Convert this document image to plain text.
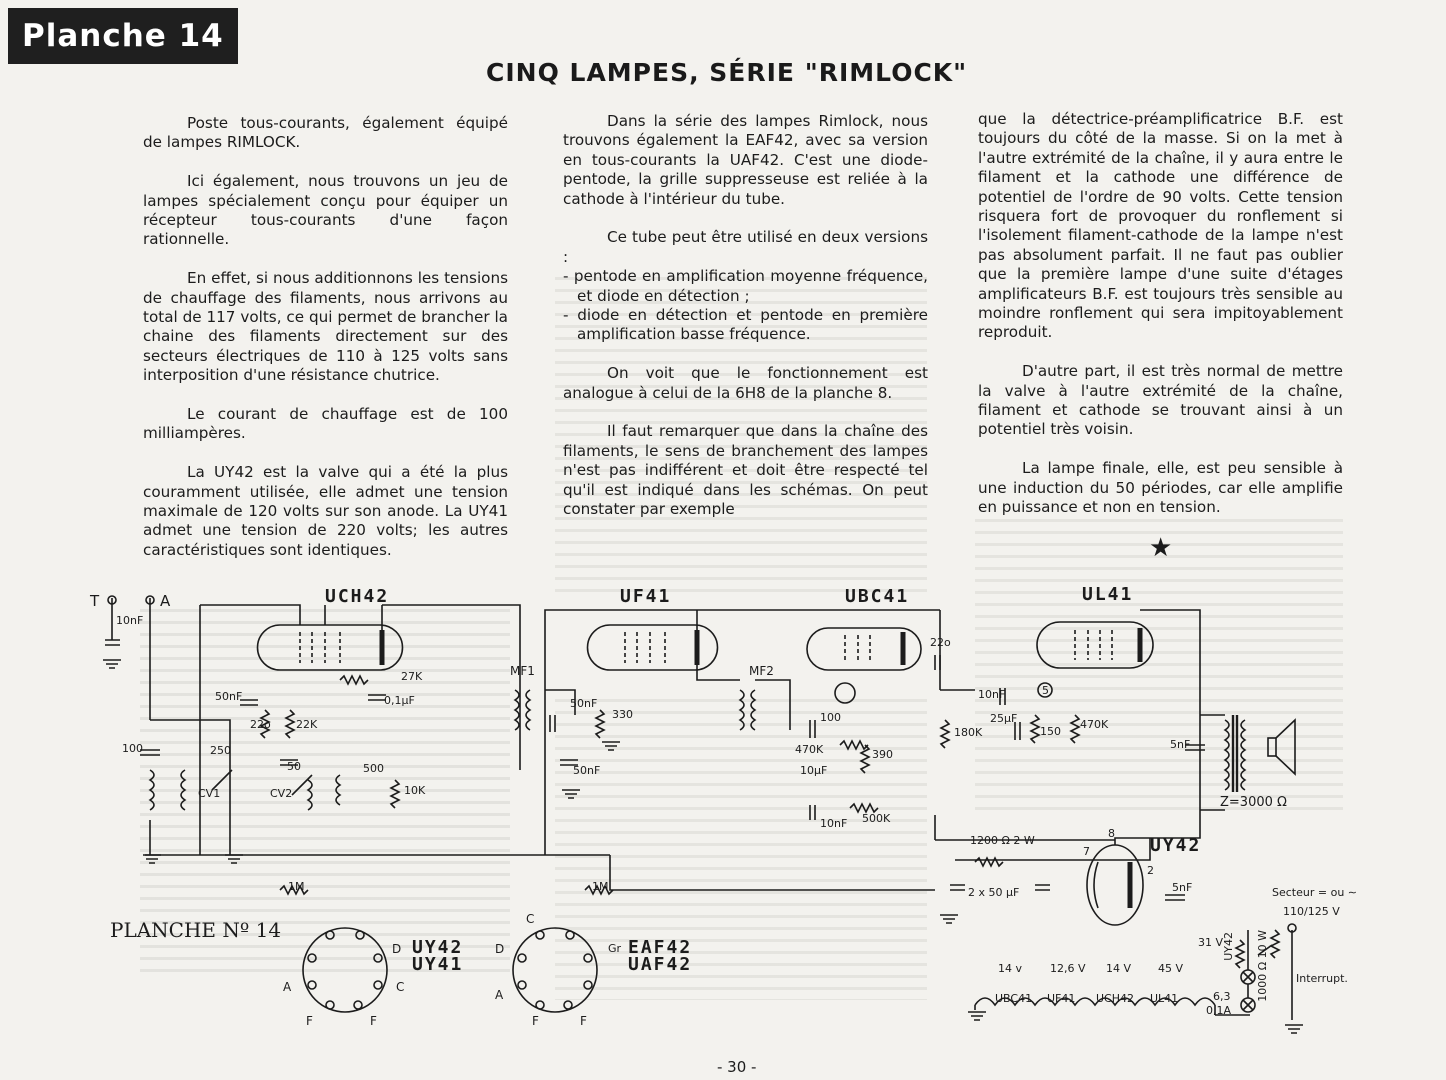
Planche 14
CINQ LAMPES, SÉRIE "RIMLOCK"

Poste tous-courants, également équipé de lampes RIMLOCK.

Ici également, nous trouvons un jeu de lampes spécialement conçu pour équiper un récepteur tous-courants d'une façon rationnelle.

En effet, si nous additionnons les tensions de chauffage des filaments, nous arrivons au total de 117 volts, ce qui permet de brancher la chaine des filaments directement sur des secteurs électriques de 110 à 125 volts sans interposition d'une résistance chutrice.

Le courant de chauffage est de 100 milliampères.

La UY42 est la valve qui a été la plus couramment utilisée, elle admet une tension maximale de 120 volts sur son anode. La UY41 admet une tension de 220 volts; les autres caractéristiques sont identiques.

Dans la série des lampes Rimlock, nous trouvons également la EAF42, avec sa version en tous-courants la UAF42. C'est une diode-pentode, la grille suppresseuse est reliée à la cathode à l'intérieur du tube.

Ce tube peut être utilisé en deux versions :

- pentode en amplification moyenne fréquence, et diode en détection ;
- diode en détection et pentode en première amplification basse fréquence.

On voit que le fonctionnement est analogue à celui de la 6H8 de la planche 8.

Il faut remarquer que dans la chaîne des filaments, le sens de branchement des lampes n'est pas indifférent et doit être respecté tel qu'il est indiqué dans les schémas. On peut constater par exemple

que la détectrice-préamplificatrice B.F. est toujours du côté de la masse. Si on la met à l'autre extrémité de la chaîne, il y aura entre le filament et la cathode une différence de potentiel de l'ordre de 90 volts. Cette tension risquera fort de provoquer du ronflement si l'isolement filament-cathode de la lampe n'est pas absolument parfait. Il ne faut pas oublier que la première lampe d'une suite d'étages amplificateurs B.F. est toujours très sensible au moindre ronflement qui sera impitoyablement reproduit.

D'autre part, il est très normal de mettre la valve à l'autre extrémité de la chaîne, filament et cathode se trouvant ainsi à un potentiel très voisin.

La lampe finale, elle, est peu sensible à une induction du 50 périodes, car elle amplifie en puissance et non en tension.

★
UCH42	UF41	UBC41	UL41
UY42
T	A
10nF
50nF
22o 22K
27K
0,1μF
MF1	MF2
100	250
CV1	CV2
50	500
10K
1M
50nF
330
50nF
1M
100
470K
10μF
390
500K
10nF
22o
10nF
25μF
150
470K
180K
5nF
Z=3000 Ω
1200 Ω 2 W
2 x 50 μF	5nF	Secteur = ou ∼
110/125 V
1000 Ω 10 W Interrupt.
UY42
14 v	12,6 V 14 V 45 V
31 V
UBC41 UF41 UCH42 UL41	6,3
0,1A
7
8
2
5
UY42
UY41
D
A	C
F	F
EAF42
UAF42
Gr
C
D
A
F	F
PLANCHE Nº 14
- 30 -
